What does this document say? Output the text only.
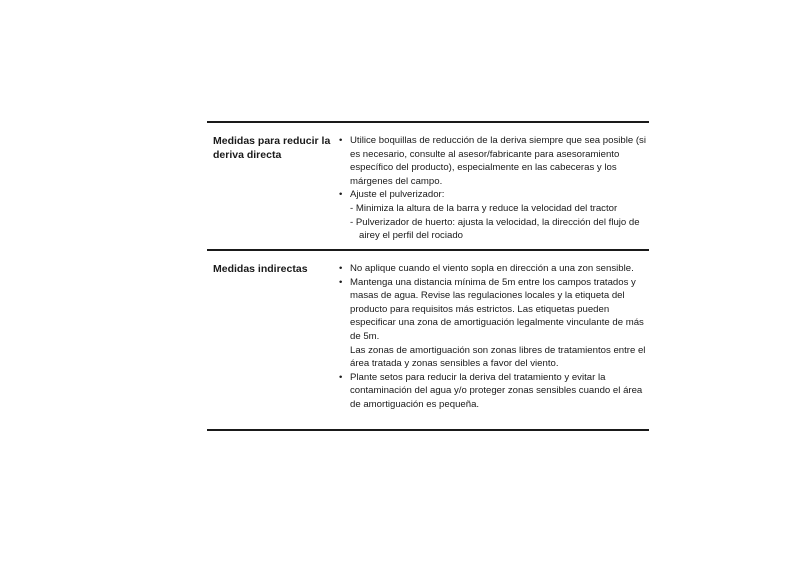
Medidas para reducir la deriva directa
• Utilice boquillas de reducción de la deriva siempre que sea posible (si es necesario, consulte al asesor/fabricante para asesoramiento específico del producto), especialmente en las cabeceras y los márgenes del campo.
• Ajuste el pulverizador:
- Minimiza la altura de la barra y reduce la velocidad del tractor
- Pulverizador de huerto: ajusta la velocidad, la dirección del flujo de airey el perfil del rociado
Medidas indirectas
•	No aplique cuando el viento sopla en dirección a una zon sensible.
• Mantenga una distancia mínima de 5m entre los campos tratados y masas de agua. Revise las regulaciones locales y la etiqueta del producto para requisitos más estrictos. Las etiquetas pueden especificar una zona de amortiguación legalmente vinculante de más de 5m.
Las zonas de amortiguación son zonas libres de tratamientos entre el área tratada y zonas sensibles a favor del viento.
• Plante setos para reducir la deriva del tratamiento y evitar la contaminación del agua y/o proteger zonas sensibles cuando el área de amortiguación es pequeña.
